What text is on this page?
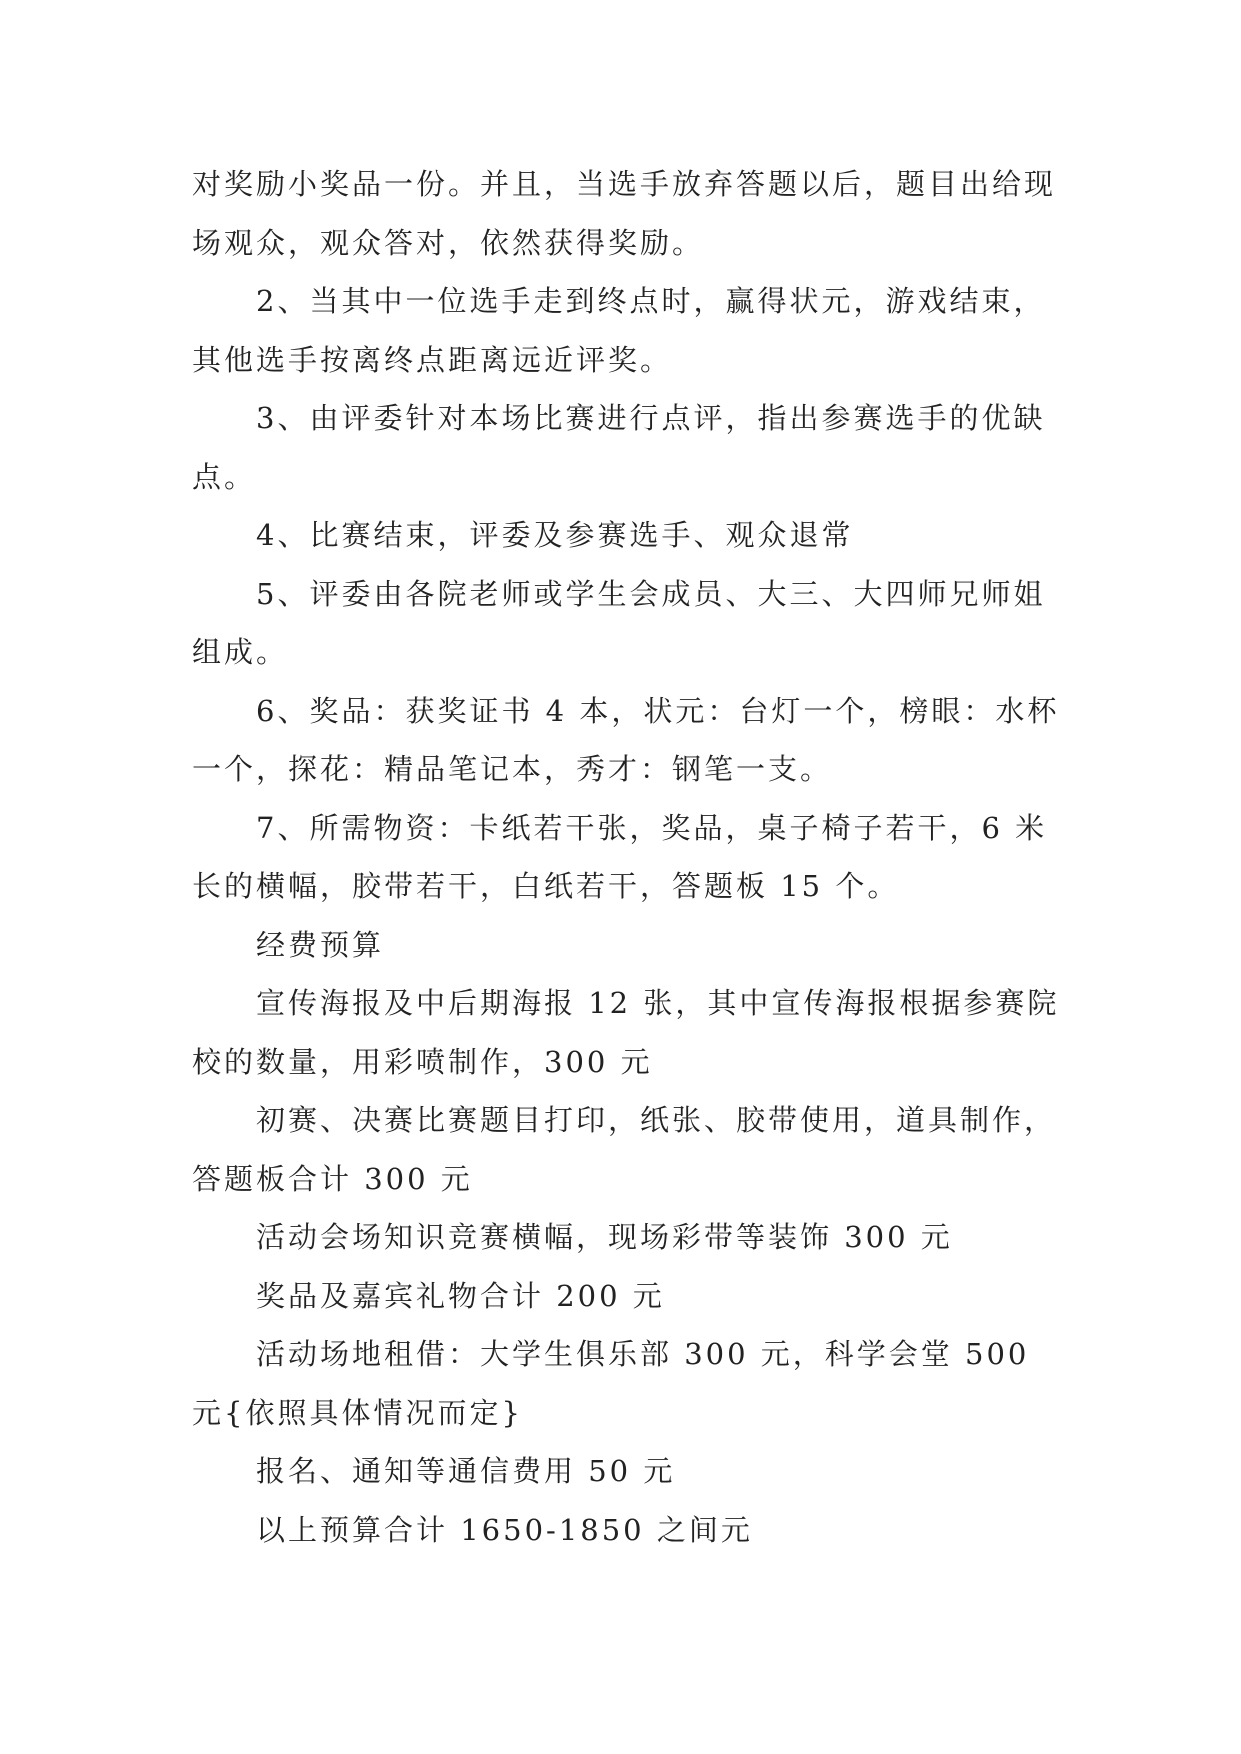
对奖励小奖品一份。并且，当选手放弃答题以后，题目出给现场观众，观众答对，依然获得奖励。

2、当其中一位选手走到终点时，赢得状元，游戏结束，其他选手按离终点距离远近评奖。

3、由评委针对本场比赛进行点评，指出参赛选手的优缺点。

4、比赛结束，评委及参赛选手、观众退常

5、评委由各院老师或学生会成员、大三、大四师兄师姐组成。

6、奖品：获奖证书 4 本，状元：台灯一个，榜眼：水杯一个，探花：精品笔记本，秀才：钢笔一支。

7、所需物资：卡纸若干张，奖品，桌子椅子若干，6 米长的横幅，胶带若干，白纸若干，答题板 15 个。

经费预算

宣传海报及中后期海报 12 张，其中宣传海报根据参赛院校的数量，用彩喷制作，300 元

初赛、决赛比赛题目打印，纸张、胶带使用，道具制作，答题板合计 300 元

活动会场知识竞赛横幅，现场彩带等装饰 300 元

奖品及嘉宾礼物合计 200 元

活动场地租借：大学生俱乐部 300 元，科学会堂 500 元{依照具体情况而定}

报名、通知等通信费用 50 元

以上预算合计 1650-1850 之间元
